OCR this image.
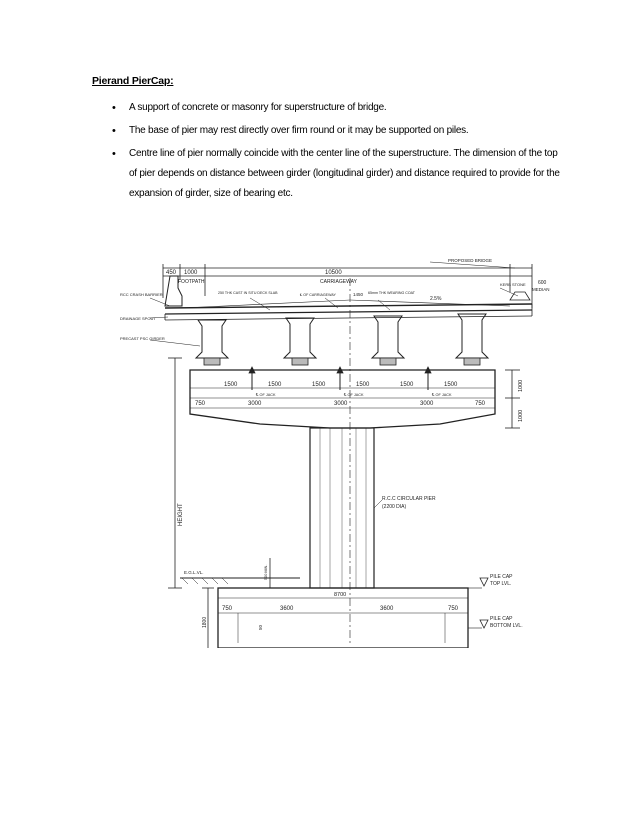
Pierand PierCap:
• A support of concrete or masonry for superstructure of bridge.
• The base of pier may rest directly over firm round or it may be supported on piles.
• Centre line of pier normally coincide with the center line of the superstructure. The dimension of the top of pier depends on distance between girder (longitudinal girder) and distance required to provide for the expansion of girder, size of bearing etc.
PROPOSED BRIDGE
450 1000
FOOTPATH
10500
CARRIAGEWAY	KERB STONE 600
MEDIAN
RCC CRASH BARRIER	250 THK CAST IN SITU DECK SLAB	℄ OF CARRIAGEWAY	1450 65mm THK WEARING COAT
2.5%
DRAINAGE SPOUT
PRECAST PSC GIRDER
1500	1500	1500	1500	1500	1500
℄ OF JACK	℄ OF JACK	℄ OF JACK
750	3000	3000	3000	750
1000
1000
HEIGHT
R.C.C CIRCULAR PIER
(2200 DIA)
E.G.L.VL.	500 MIN.	PILE CAP
TOP LVL.
8700
1800
750	3600	3600	750
50
PILE CAP
BOTTOM LVL.
